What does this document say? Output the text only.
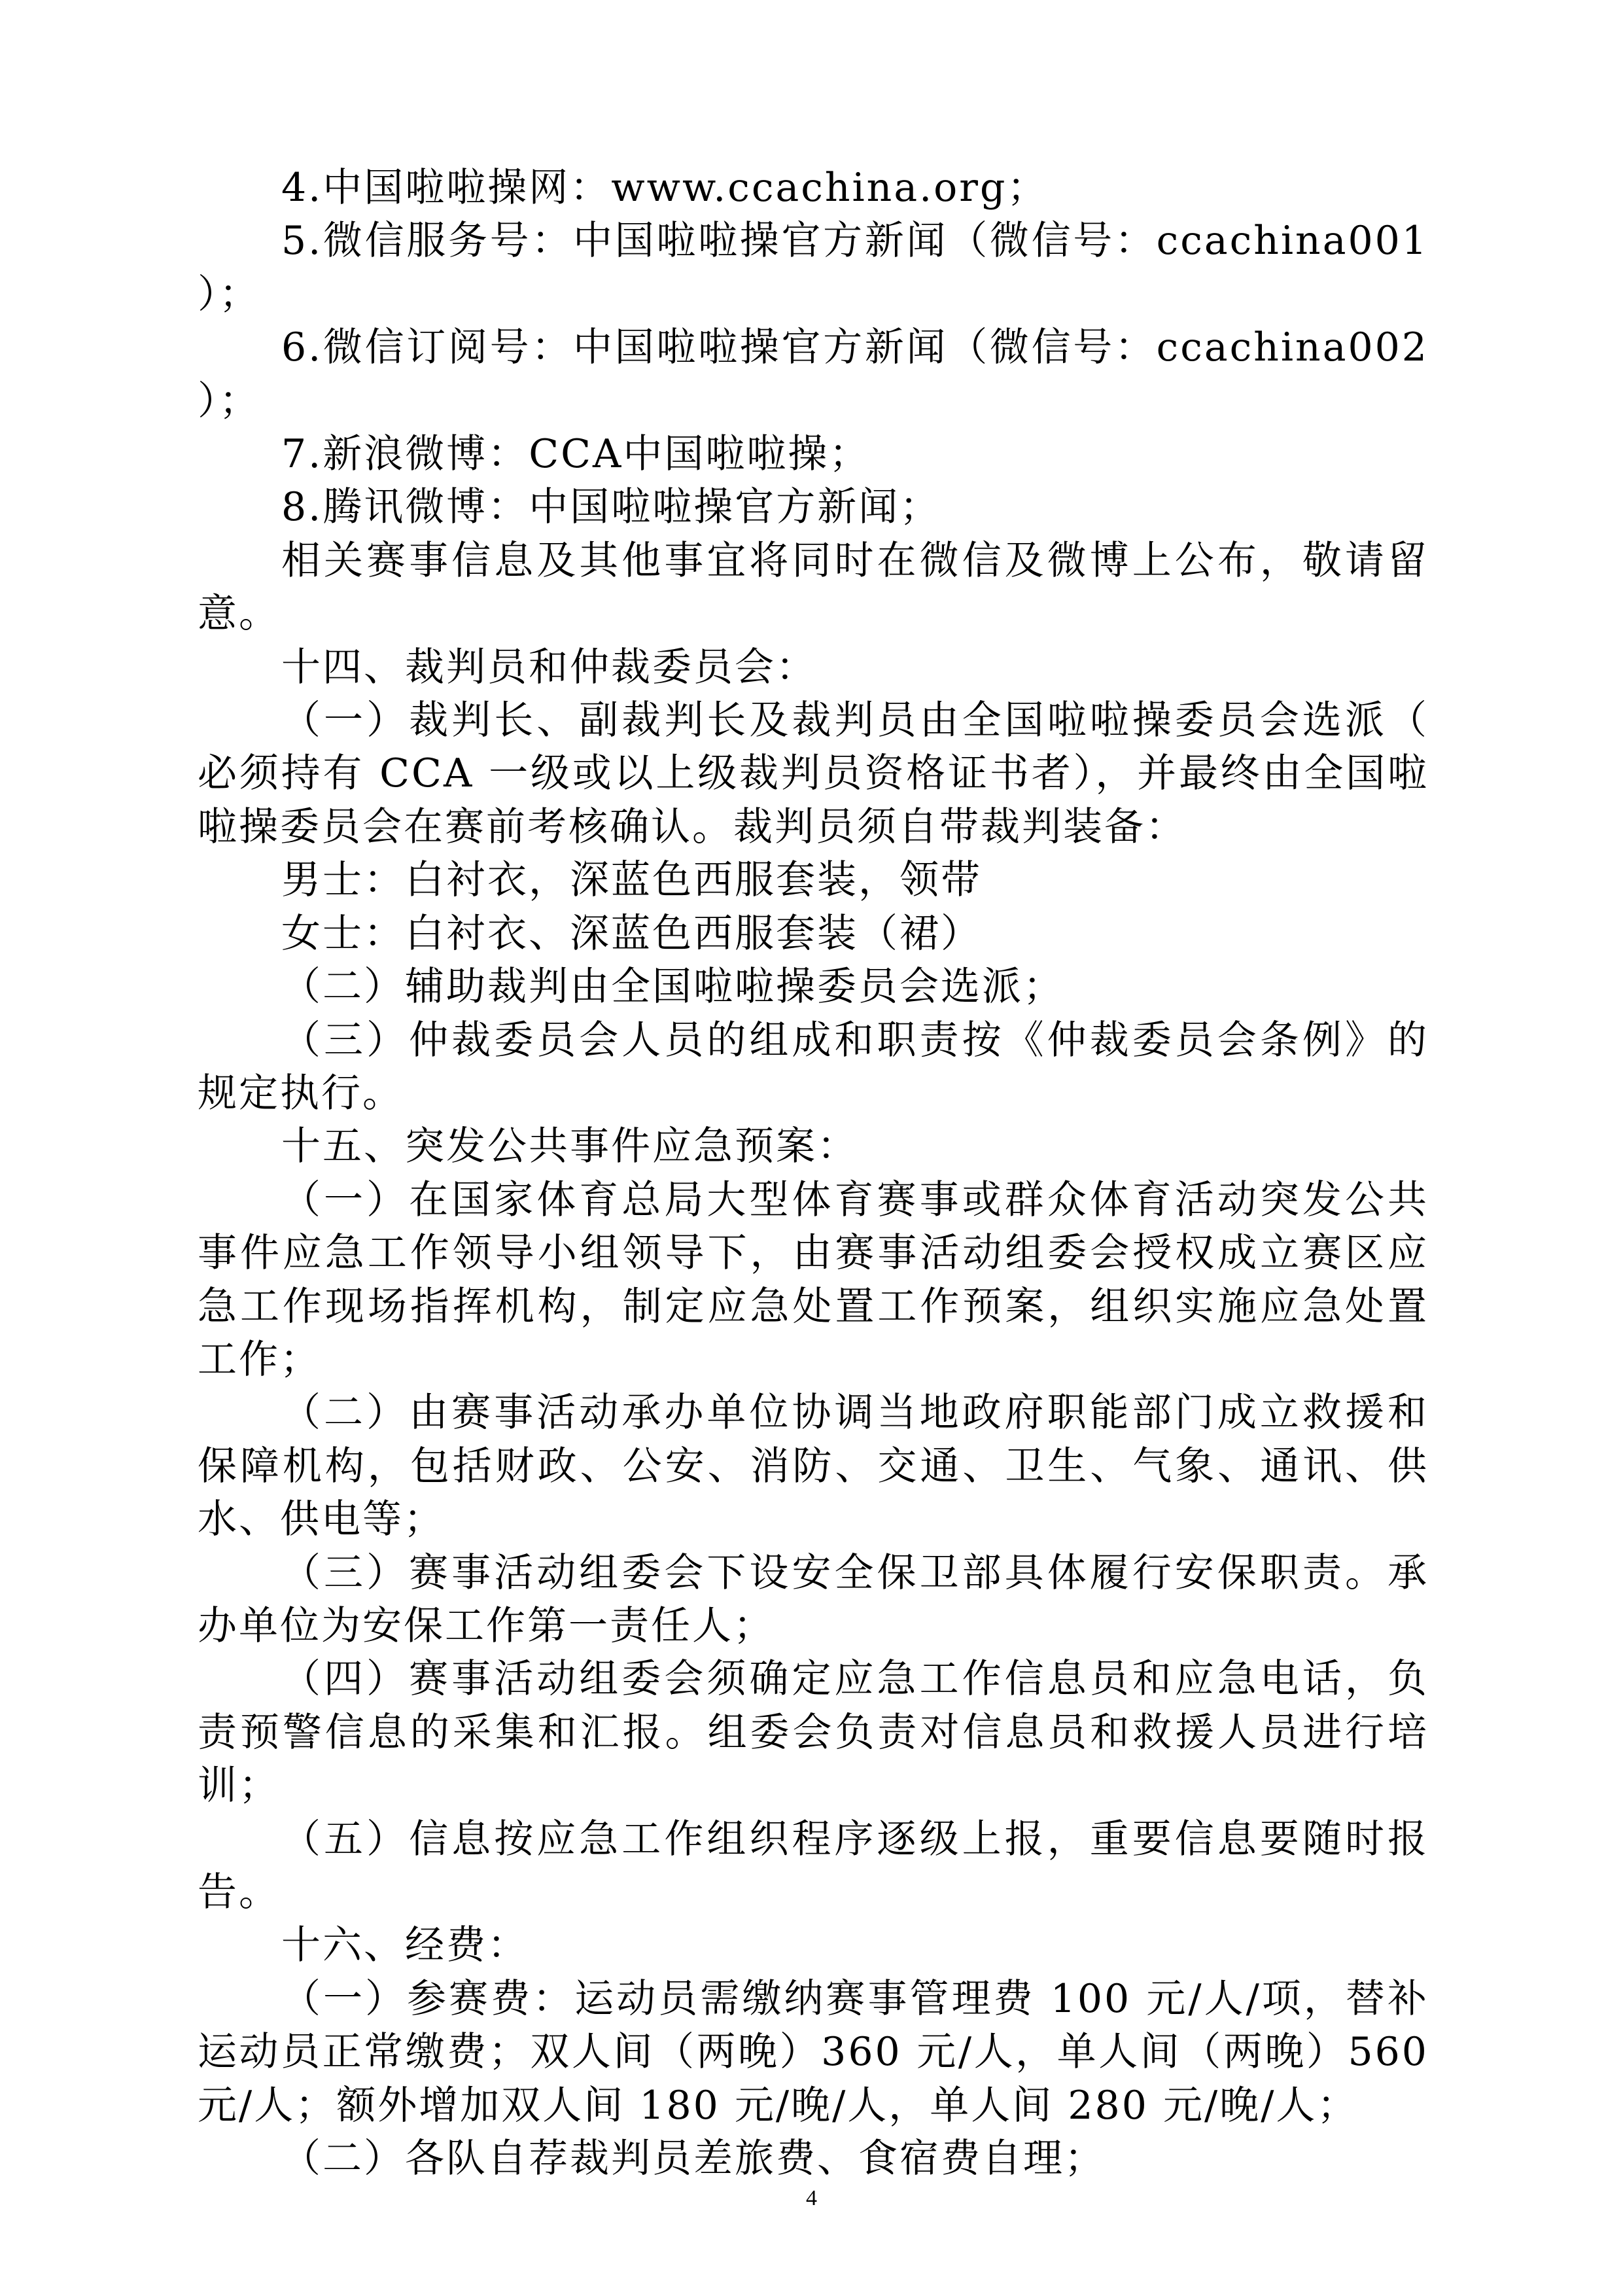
4.中国啦啦操网：www.ccachina.org；

5.微信服务号：中国啦啦操官方新闻（微信号：ccachina001）；

6.微信订阅号：中国啦啦操官方新闻（微信号：ccachina002）；

7.新浪微博：CCA中国啦啦操；

8.腾讯微博：中国啦啦操官方新闻；

相关赛事信息及其他事宜将同时在微信及微博上公布，敬请留意。

十四、裁判员和仲裁委员会：

（一）裁判长、副裁判长及裁判员由全国啦啦操委员会选派（必须持有 CCA 一级或以上级裁判员资格证书者），并最终由全国啦啦操委员会在赛前考核确认。裁判员须自带裁判装备：

男士：白衬衣，深蓝色西服套装，领带

女士：白衬衣、深蓝色西服套装（裙）

（二）辅助裁判由全国啦啦操委员会选派；

（三）仲裁委员会人员的组成和职责按《仲裁委员会条例》的规定执行。

十五、突发公共事件应急预案：

（一）在国家体育总局大型体育赛事或群众体育活动突发公共事件应急工作领导小组领导下，由赛事活动组委会授权成立赛区应急工作现场指挥机构，制定应急处置工作预案，组织实施应急处置工作；

（二）由赛事活动承办单位协调当地政府职能部门成立救援和保障机构，包括财政、公安、消防、交通、卫生、气象、通讯、供水、供电等；

（三）赛事活动组委会下设安全保卫部具体履行安保职责。承办单位为安保工作第一责任人；

（四）赛事活动组委会须确定应急工作信息员和应急电话，负责预警信息的采集和汇报。组委会负责对信息员和救援人员进行培训；

（五）信息按应急工作组织程序逐级上报，重要信息要随时报告。

十六、经费：

（一）参赛费：运动员需缴纳赛事管理费 100 元/人/项，替补运动员正常缴费；双人间（两晚）360 元/人，单人间（两晚）560 元/人；额外增加双人间 180 元/晚/人，单人间 280 元/晚/人；

（二）各队自荐裁判员差旅费、食宿费自理；

4
